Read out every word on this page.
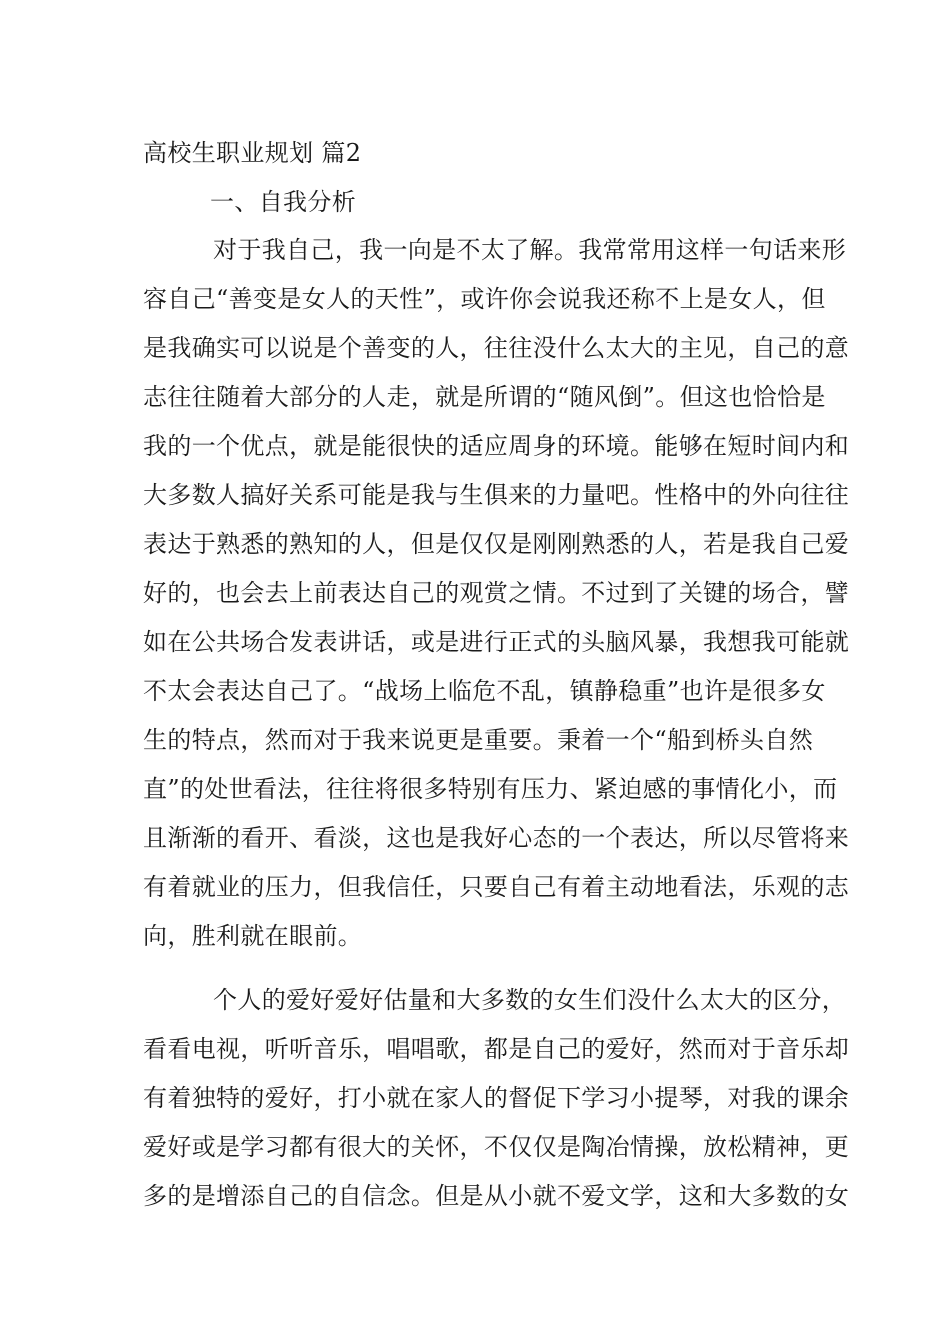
高校生职业规划 篇2
一、自我分析
对于我自己，我一向是不太了解。我常常用这样一句话来形
容自己“善变是女人的天性”，或许你会说我还称不上是女人，但
是我确实可以说是个善变的人，往往没什么太大的主见，自己的意
志往往随着大部分的人走，就是所谓的“随风倒”。但这也恰恰是
我的一个优点，就是能很快的适应周身的环境。能够在短时间内和
大多数人搞好关系可能是我与生俱来的力量吧。性格中的外向往往
表达于熟悉的熟知的人，但是仅仅是刚刚熟悉的人，若是我自己爱
好的，也会去上前表达自己的观赏之情。不过到了关键的场合，譬
如在公共场合发表讲话，或是进行正式的头脑风暴，我想我可能就
不太会表达自己了。“战场上临危不乱，镇静稳重”也许是很多女
生的特点，然而对于我来说更是重要。秉着一个“船到桥头自然
直”的处世看法，往往将很多特别有压力、紧迫感的事情化小，而
且渐渐的看开、看淡，这也是我好心态的一个表达，所以尽管将来
有着就业的压力，但我信任，只要自己有着主动地看法，乐观的志
向，胜利就在眼前。
个人的爱好爱好估量和大多数的女生们没什么太大的区分，
看看电视，听听音乐，唱唱歌，都是自己的爱好，然而对于音乐却
有着独特的爱好，打小就在家人的督促下学习小提琴，对我的课余
爱好或是学习都有很大的关怀，不仅仅是陶冶情操，放松精神，更
多的是增添自己的自信念。但是从小就不爱文学，这和大多数的女
